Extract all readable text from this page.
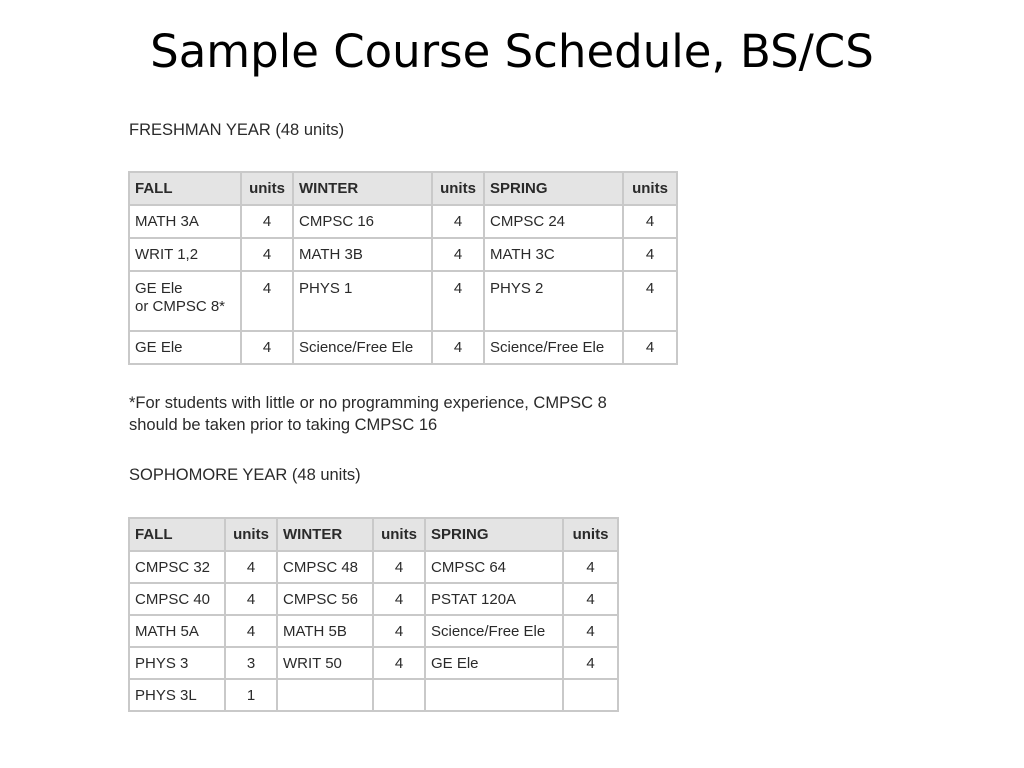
Sample Course Schedule, BS/CS
FRESHMAN YEAR (48 units)
FALL	units	WINTER	units	SPRING	units
MATH 3A	4	CMPSC 16	4	CMPSC 24	4
WRIT 1,2	4	MATH 3B	4	MATH 3C	4
GE Ele
or CMPSC 8*	4	PHYS 1	4	PHYS 2	4
GE Ele	4	Science/Free Ele	4	Science/Free Ele	4
*For students with little or no programming experience, CMPSC 8
should be taken prior to taking CMPSC 16
SOPHOMORE YEAR (48 units)
FALL	units	WINTER	units	SPRING	units
CMPSC 32	4	CMPSC 48	4	CMPSC 64	4
CMPSC 40	4	CMPSC 56	4	PSTAT 120A	4
MATH 5A	4	MATH 5B	4	Science/Free Ele	4
PHYS 3	3	WRIT 50	4	GE Ele	4
PHYS 3L	1				
